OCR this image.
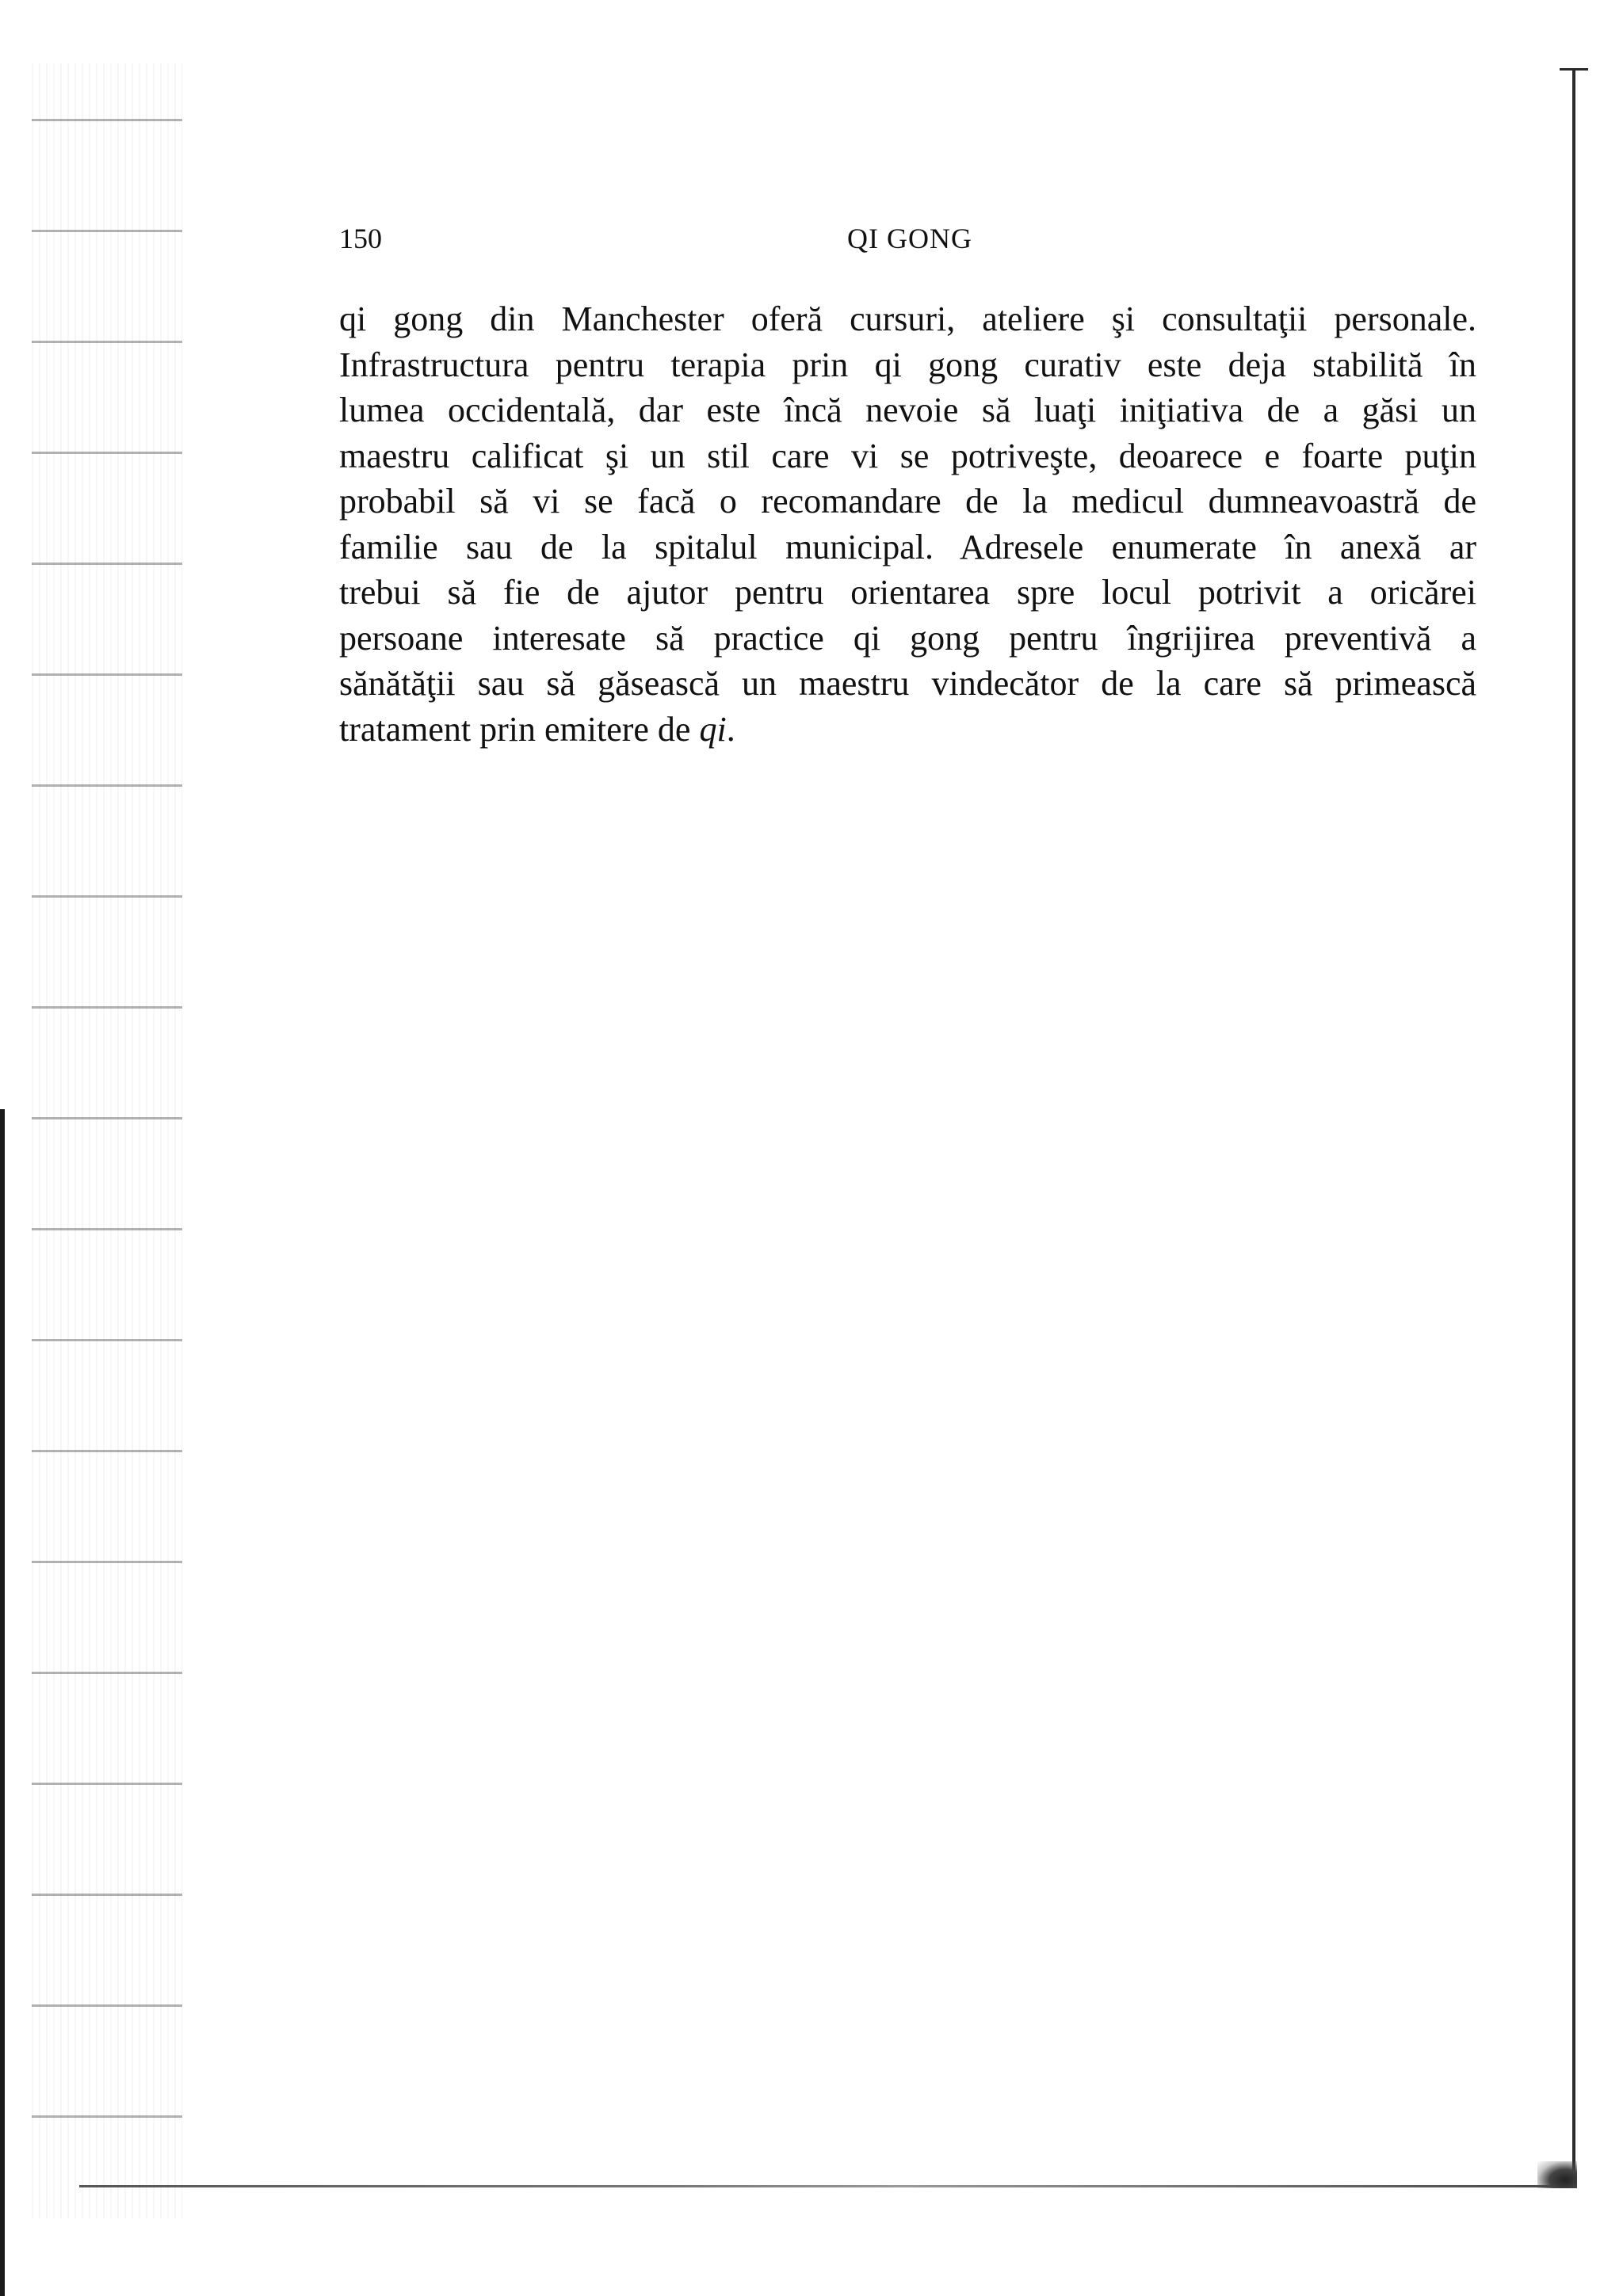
150	QI GONG
qi gong din Manchester oferă cursuri, ateliere şi consultaţii personale.
Infrastructura pentru terapia prin qi gong curativ este deja stabilită în
lumea occidentală, dar este încă nevoie să luaţi iniţiativa de a găsi un
maestru calificat şi un stil care vi se potriveşte, deoarece e foarte puţin
probabil să vi se facă o recomandare de la medicul dumneavoastră de
familie sau de la spitalul municipal. Adresele enumerate în anexă ar
trebui să fie de ajutor pentru orientarea spre locul potrivit a oricărei
persoane interesate să practice qi gong pentru îngrijirea preventivă a
sănătăţii sau să găsească un maestru vindecător de la care să primească
tratament prin emitere de qi.
